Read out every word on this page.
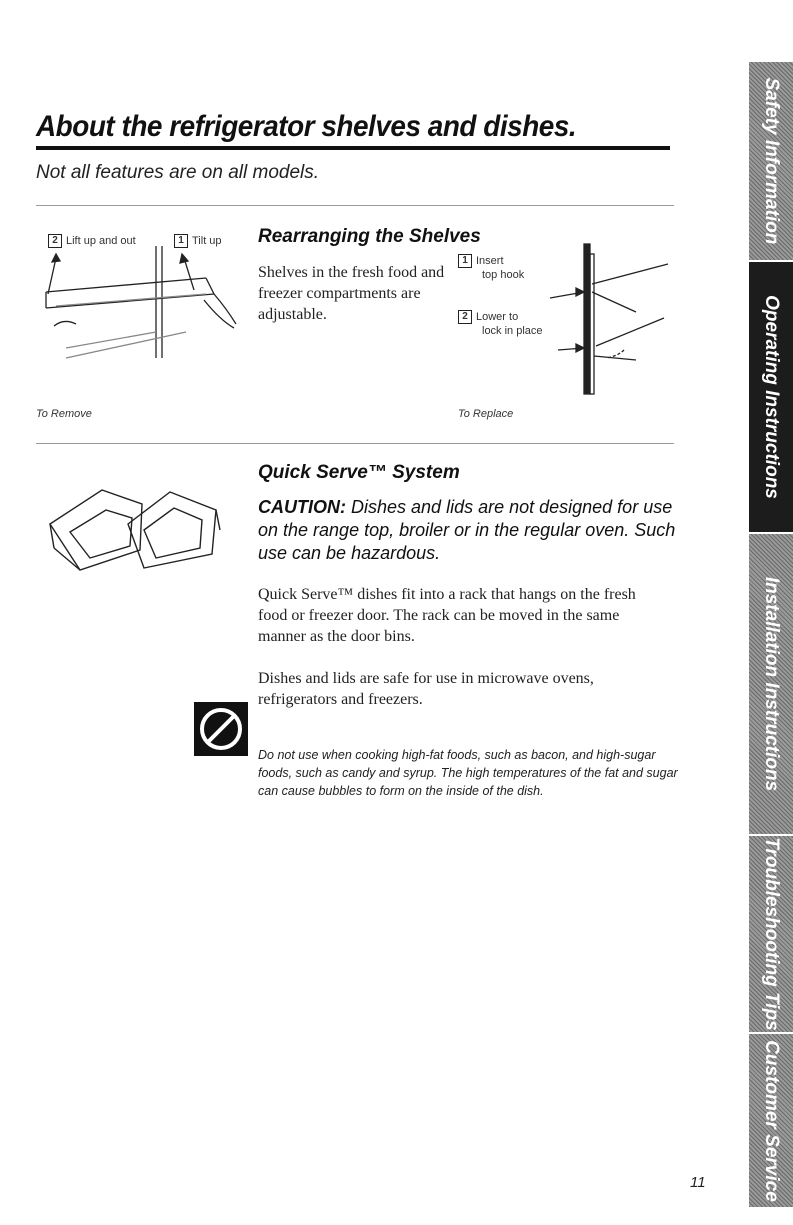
About the refrigerator shelves and dishes.
Not all features are on all models.
2 Lift up and out	1 Tilt up
To Remove
Rearranging the Shelves
Shelves in the fresh food and freezer compartments are adjustable.
1 Insert
top hook
2 Lower to
lock in place
To Replace
Quick Serve™ System
CAUTION: Dishes and lids are not designed for use on the range top, broiler or in the regular oven. Such use can be hazardous.
Quick Serve™ dishes fit into a rack that hangs on the fresh food or freezer door. The rack can be moved in the same manner as the door bins.
Dishes and lids are safe for use in microwave ovens, refrigerators and freezers.
Do not use when cooking high-fat foods, such as bacon, and high-sugar foods, such as candy and syrup. The high temperatures of the fat and sugar can cause bubbles to form on the inside of the dish.
Safety Information
Operating Instructions
Installation Instructions
Troubleshooting Tips
Customer Service
11
